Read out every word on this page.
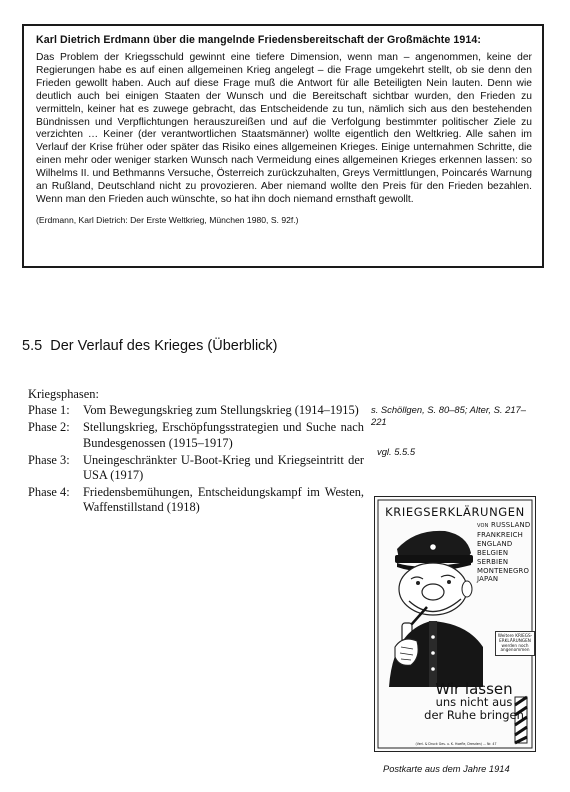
Karl Dietrich Erdmann über die mangelnde Friedensbereitschaft der Großmächte 1914:

Das Problem der Kriegsschuld gewinnt eine tiefere Dimension, wenn man – angenommen, keine der Regierungen habe es auf einen allgemeinen Krieg angelegt – die Frage umgekehrt stellt, ob sie denn den Frieden gewollt haben. Auch auf diese Frage muß die Antwort für alle Beteiligten Nein lauten. Denn wie deutlich auch bei einigen Staaten der Wunsch und die Bereitschaft sichtbar wurden, den Frieden zu vermitteln, keiner hat es zuwege gebracht, das Entscheidende zu tun, nämlich sich aus den bestehenden Bündnissen und Verpflichtungen herauszureißen und auf die Verfolgung bestimmter politischer Ziele zu verzichten … Keiner (der verantwortlichen Staatsmänner) wollte eigentlich den Weltkrieg. Alle sahen im Verlauf der Krise früher oder später das Risiko eines allgemeinen Krieges. Einige unternahmen Schritte, die einen mehr oder weniger starken Wunsch nach Vermeidung eines allgemeinen Krieges erkennen lassen: so Wilhelms II. und Bethmanns Versuche, Österreich zurückzuhalten, Greys Vermittlungen, Poincarés Warnung an Rußland, Deutschland nicht zu provozieren. Aber niemand wollte den Preis für den Frieden bezahlen. Wenn man den Frieden auch wünschte, so hat ihn doch niemand ernsthaft gewollt.

(Erdmann, Karl Dietrich: Der Erste Weltkrieg, München 1980, S. 92f.)
5.5 Der Verlauf des Krieges (Überblick)
Kriegsphasen:
Phase 1:	Vom Bewegungskrieg zum Stellungskrieg (1914–1915)
Phase 2:	Stellungskrieg, Erschöpfungsstrategien und Suche nach Bundesgenossen (1915–1917)
Phase 3:	Uneingeschränkter U-Boot-Krieg und Kriegseintritt der USA (1917)
Phase 4:	Friedensbemühungen, Entscheidungskampf im Westen, Waffenstillstand (1918)
s. Schöllgen, S. 80–85; Alter, S. 217–221
vgl. 5.5.5
KRIEGSERKLÄRUNGEN
VON RUSSLAND
FRANKREICH
ENGLAND
BELGIEN
SERBIEN
MONTENEGRO
JAPAN
Weitere KRIEGS-ERKLÄRUNGEN werden noch angenommen
Wir lassen
uns nicht aus
der Ruhe bringen
(Verl. & Druck Ges. u. K. Hoefle, Dresden) ... Nr. 47
Postkarte aus dem Jahre 1914
